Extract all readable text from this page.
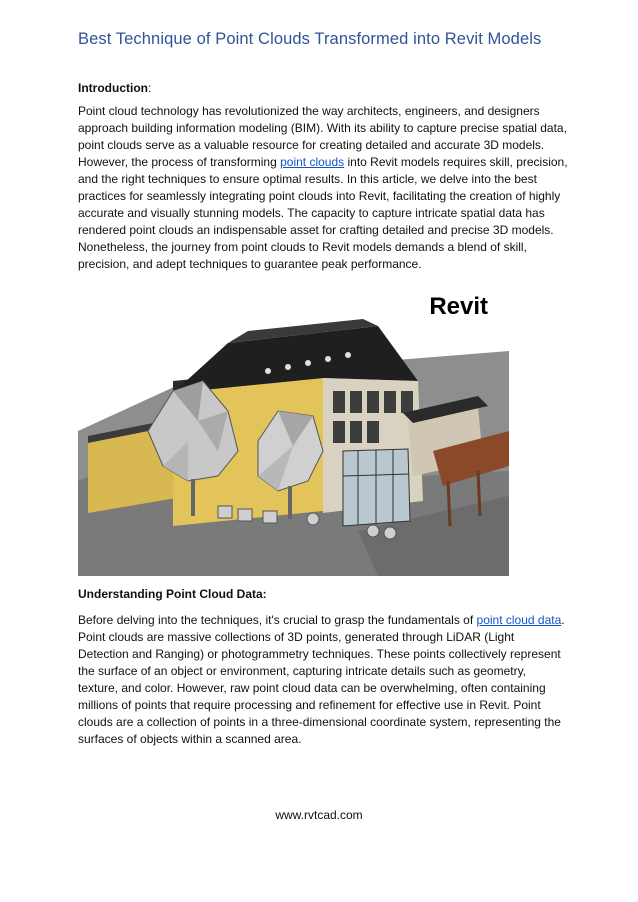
Best Technique of Point Clouds Transformed into Revit Models
Introduction:

Point cloud technology has revolutionized the way architects, engineers, and designers approach building information modeling (BIM). With its ability to capture precise spatial data, point clouds serve as a valuable resource for creating detailed and accurate 3D models. However, the process of transforming point clouds into Revit models requires skill, precision, and the right techniques to ensure optimal results. In this article, we delve into the best practices for seamlessly integrating point clouds into Revit, facilitating the creation of highly accurate and visually stunning models. The capacity to capture intricate spatial data has rendered point clouds an indispensable asset for crafting detailed and precise 3D models. Nonetheless, the journey from point clouds to Revit models demands a blend of skill, precision, and adept techniques to guarantee peak performance.

Revit
Understanding Point Cloud Data:

Before delving into the techniques, it's crucial to grasp the fundamentals of point cloud data. Point clouds are massive collections of 3D points, generated through LiDAR (Light Detection and Ranging) or photogrammetry techniques. These points collectively represent the surface of an object or environment, capturing intricate details such as geometry, texture, and color. However, raw point cloud data can be overwhelming, often containing millions of points that require processing and refinement for effective use in Revit. Point clouds are a collection of points in a three-dimensional coordinate system, representing the surfaces of objects within a scanned area.

www.rvtcad.com
